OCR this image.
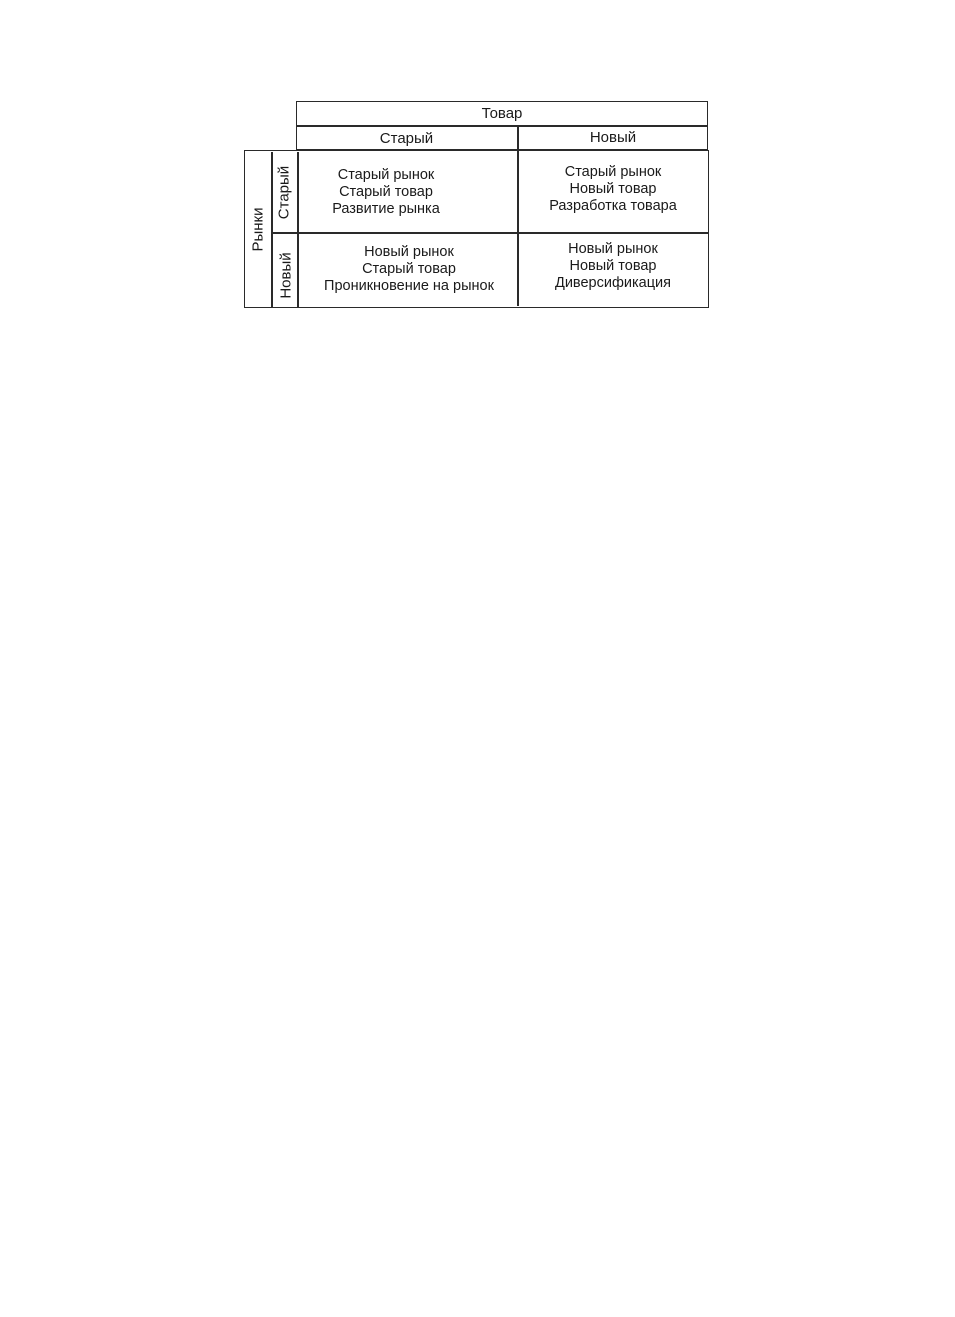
Товар
Старый	Новый
Рынки
Старый
Новый
Старый рынок
Старый товар
Развитие рынка
Старый рынок
Новый товар
Разработка товара
Новый рынок
Старый товар
Проникновение на рынок
Новый рынок
Новый товар
Диверсификация
